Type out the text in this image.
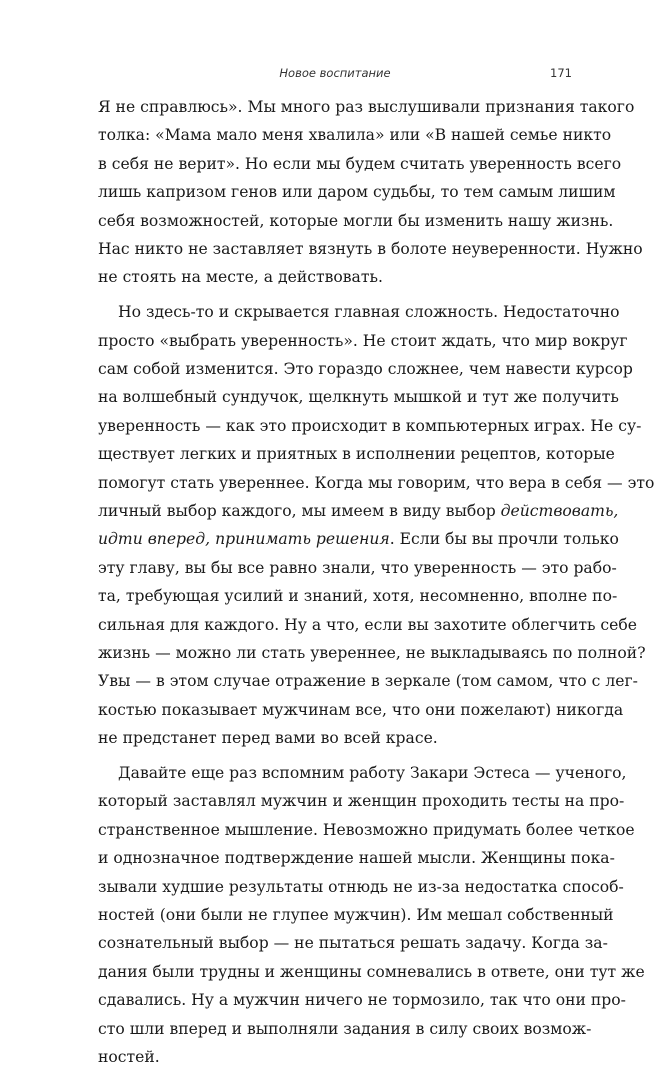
Новое воспитание	171
Я не справлюсь». Мы много раз выслушивали признания такого
толка: «Мама мало меня хвалила» или «В нашей семье никто
в себя не верит». Но если мы будем считать уверенность всего
лишь капризом генов или даром судьбы, то тем самым лишим
себя возможностей, которые могли бы изменить нашу жизнь.
Нас никто не заставляет вязнуть в болоте неуверенности. Нужно
не стоять на месте, а действовать.
Но здесь-то и скрывается главная сложность. Недостаточно
просто «выбрать уверенность». Не стоит ждать, что мир вокруг
сам собой изменится. Это гораздо сложнее, чем навести курсор
на волшебный сундучок, щелкнуть мышкой и тут же получить
уверенность — как это происходит в компьютерных играх. Не су-
ществует легких и приятных в исполнении рецептов, которые
помогут стать увереннее. Когда мы говорим, что вера в себя — это
личный выбор каждого, мы имеем в виду выбор действовать,
идти вперед, принимать решения. Если бы вы прочли только
эту главу, вы бы все равно знали, что уверенность — это рабо-
та, требующая усилий и знаний, хотя, несомненно, вполне по-
сильная для каждого. Ну а что, если вы захотите облегчить себе
жизнь — можно ли стать увереннее, не выкладываясь по полной?
Увы — в этом случае отражение в зеркале (том самом, что с лег-
костью показывает мужчинам все, что они пожелают) никогда
не предстанет перед вами во всей красе.
Давайте еще раз вспомним работу Закари Эстеса — ученого,
который заставлял мужчин и женщин проходить тесты на про-
странственное мышление. Невозможно придумать более четкое
и однозначное подтверждение нашей мысли. Женщины пока-
зывали худшие результаты отнюдь не из-за недостатка способ-
ностей (они были не глупее мужчин). Им мешал собственный
сознательный выбор — не пытаться решать задачу. Когда за-
дания были трудны и женщины сомневались в ответе, они тут же
сдавались. Ну а мужчин ничего не тормозило, так что они про-
сто шли вперед и выполняли задания в силу своих возмож-
ностей.
